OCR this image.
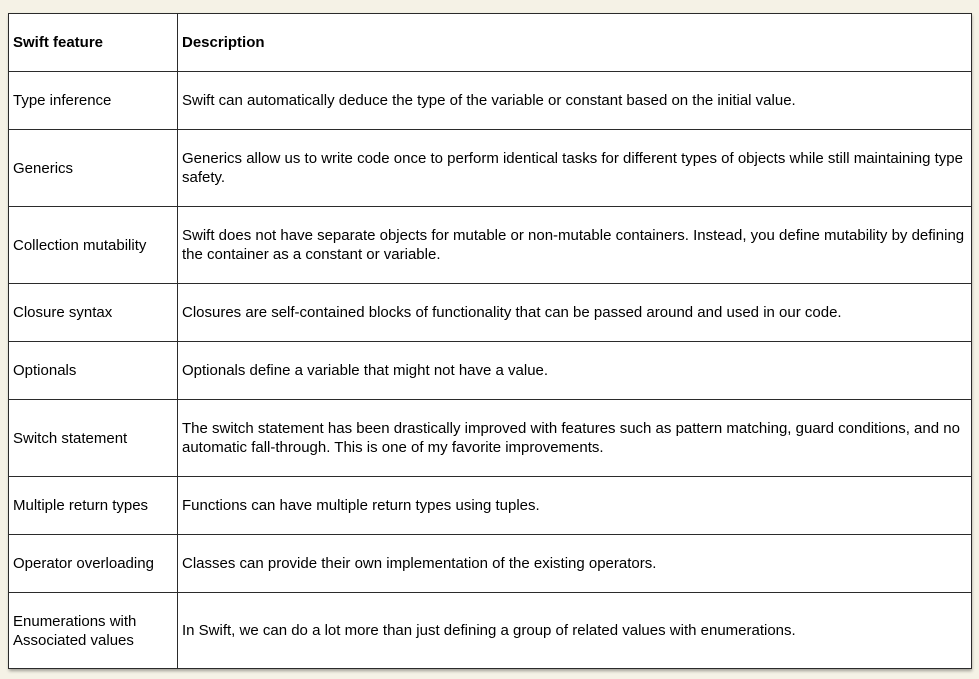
Swift feature	Description
Type inference	Swift can automatically deduce the type of the variable or constant based on the initial value.
Generics	Generics allow us to write code once to perform identical tasks for different types of objects while still maintaining type safety.
Collection mutability	Swift does not have separate objects for mutable or non-mutable containers. Instead, you define mutability by defining the container as a constant or variable.
Closure syntax	Closures are self-contained blocks of functionality that can be passed around and used in our code.
Optionals	Optionals define a variable that might not have a value.
Switch statement	The switch statement has been drastically improved with features such as pattern matching, guard conditions, and no automatic fall-through. This is one of my favorite improvements.
Multiple return types	Functions can have multiple return types using tuples.
Operator overloading	Classes can provide their own implementation of the existing operators.
Enumerations with Associated values	In Swift, we can do a lot more than just defining a group of related values with enumerations.
